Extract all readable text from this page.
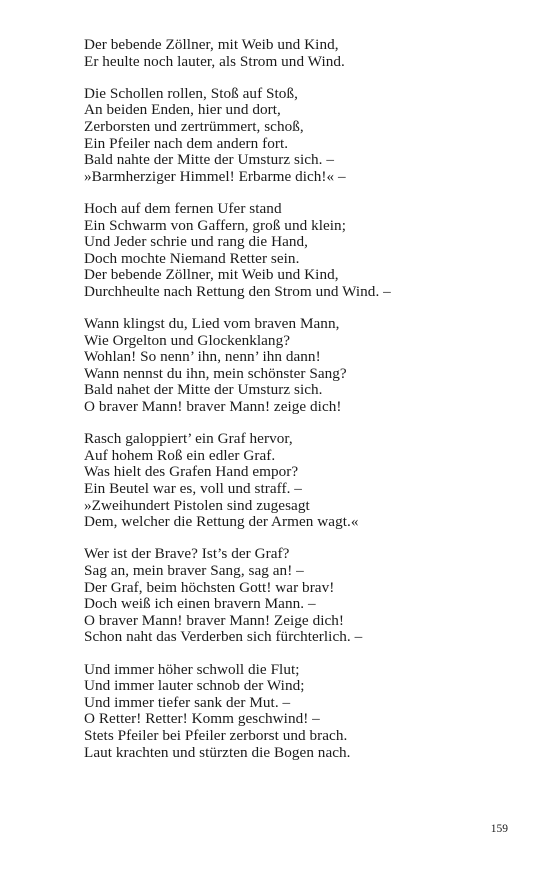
Der bebende Zöllner, mit Weib und Kind,
Er heulte noch lauter, als Strom und Wind.
Die Schollen rollen, Stoß auf Stoß,
An beiden Enden, hier und dort,
Zerborsten und zertrümmert, schoß,
Ein Pfeiler nach dem andern fort.
Bald nahte der Mitte der Umsturz sich. –
»Barmherziger Himmel! Erbarme dich!« –
Hoch auf dem fernen Ufer stand
Ein Schwarm von Gaffern, groß und klein;
Und Jeder schrie und rang die Hand,
Doch mochte Niemand Retter sein.
Der bebende Zöllner, mit Weib und Kind,
Durchheulte nach Rettung den Strom und Wind. –
Wann klingst du, Lied vom braven Mann,
Wie Orgelton und Glockenklang?
Wohlan! So nenn’ ihn, nenn’ ihn dann!
Wann nennst du ihn, mein schönster Sang?
Bald nahet der Mitte der Umsturz sich.
O braver Mann! braver Mann! zeige dich!
Rasch galoppiert’ ein Graf hervor,
Auf hohem Roß ein edler Graf.
Was hielt des Grafen Hand empor?
Ein Beutel war es, voll und straff. –
»Zweihundert Pistolen sind zugesagt
Dem, welcher die Rettung der Armen wagt.«
Wer ist der Brave? Ist’s der Graf?
Sag an, mein braver Sang, sag an! –
Der Graf, beim höchsten Gott! war brav!
Doch weiß ich einen bravern Mann. –
O braver Mann! braver Mann! Zeige dich!
Schon naht das Verderben sich fürchterlich. –
Und immer höher schwoll die Flut;
Und immer lauter schnob der Wind;
Und immer tiefer sank der Mut. –
O Retter! Retter! Komm geschwind! –
Stets Pfeiler bei Pfeiler zerborst und brach.
Laut krachten und stürzten die Bogen nach.
159
